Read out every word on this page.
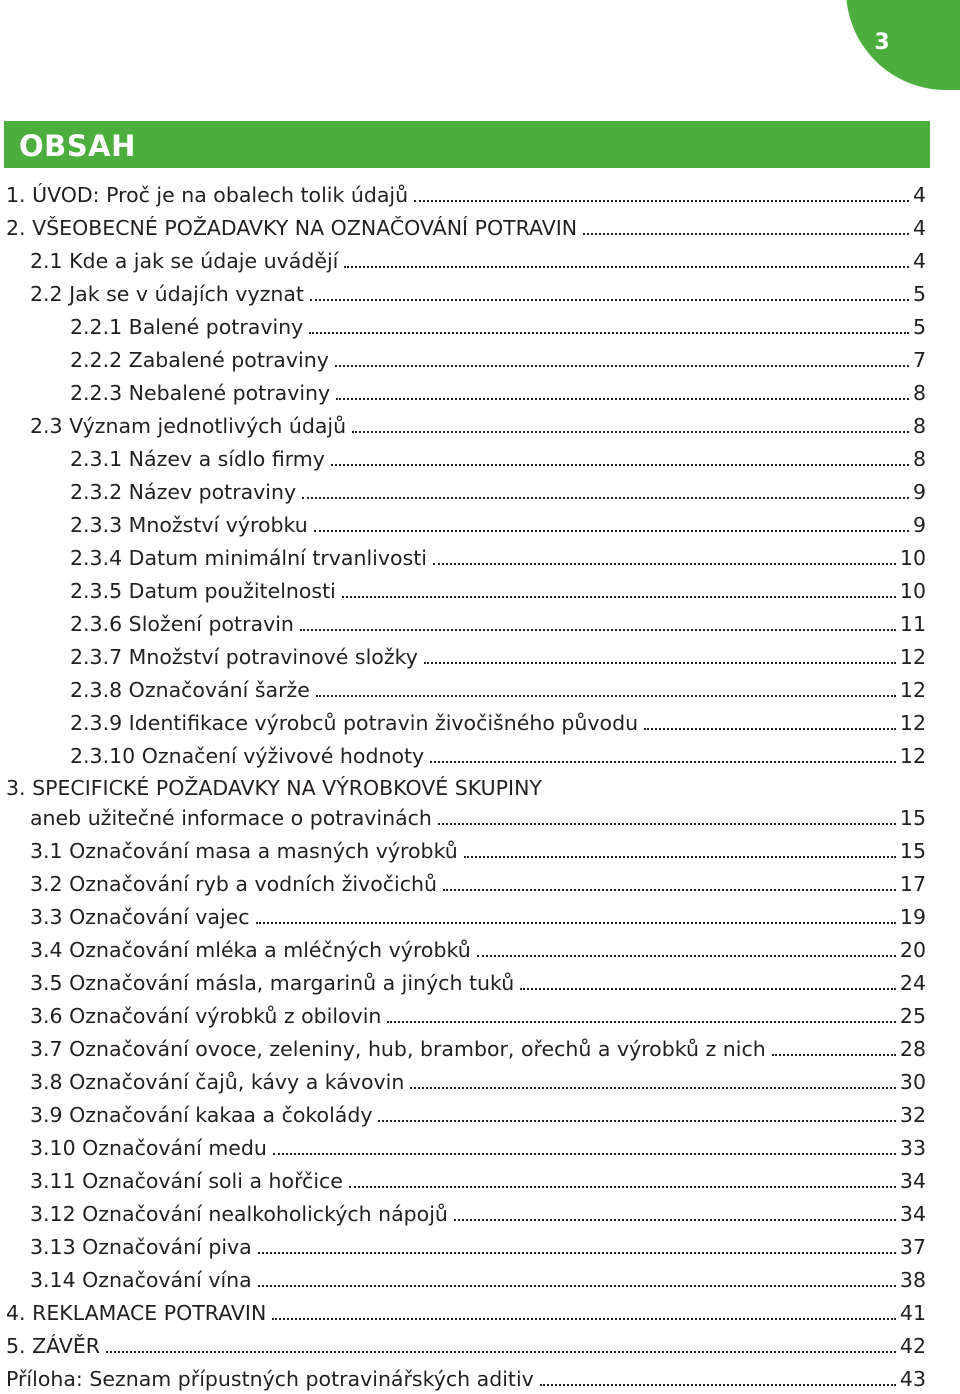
3
OBSAH
1. ÚVOD: Proč je na obalech tolik údajů	4
2. VŠEOBECNÉ POŽADAVKY NA OZNAČOVÁNÍ POTRAVIN	4
2.1 Kde a jak se údaje uvádějí	4
2.2 Jak se v údajích vyznat	5
2.2.1 Balené potraviny	5
2.2.2 Zabalené potraviny	7
2.2.3 Nebalené potraviny	8
2.3 Význam jednotlivých údajů	8
2.3.1 Název a sídlo firmy	8
2.3.2 Název potraviny	9
2.3.3 Množství výrobku	9
2.3.4 Datum minimální trvanlivosti	10
2.3.5 Datum použitelnosti	10
2.3.6 Složení potravin	11
2.3.7 Množství potravinové složky	12
2.3.8 Označování šarže	12
2.3.9 Identifikace výrobců potravin živočišného původu	12
2.3.10 Označení výživové hodnoty	12
3. SPECIFICKÉ POŽADAVKY NA VÝROBKOVÉ SKUPINY
aneb užitečné informace o potravinách	15
3.1 Označování masa a masných výrobků	15
3.2 Označování ryb a vodních živočichů	17
3.3 Označování vajec	19
3.4 Označování mléka a mléčných výrobků	20
3.5 Označování másla, margarinů a jiných tuků	24
3.6 Označování výrobků z obilovin	25
3.7 Označování ovoce, zeleniny, hub, brambor, ořechů a výrobků z nich	28
3.8 Označování čajů, kávy a kávovin	30
3.9 Označování kakaa a čokolády	32
3.10 Označování medu	33
3.11 Označování soli a hořčice	34
3.12 Označování nealkoholických nápojů	34
3.13 Označování piva	37
3.14 Označování vína	38
4. REKLAMACE POTRAVIN	41
5. ZÁVĚR	42
Příloha: Seznam přípustných potravinářských aditiv	43
